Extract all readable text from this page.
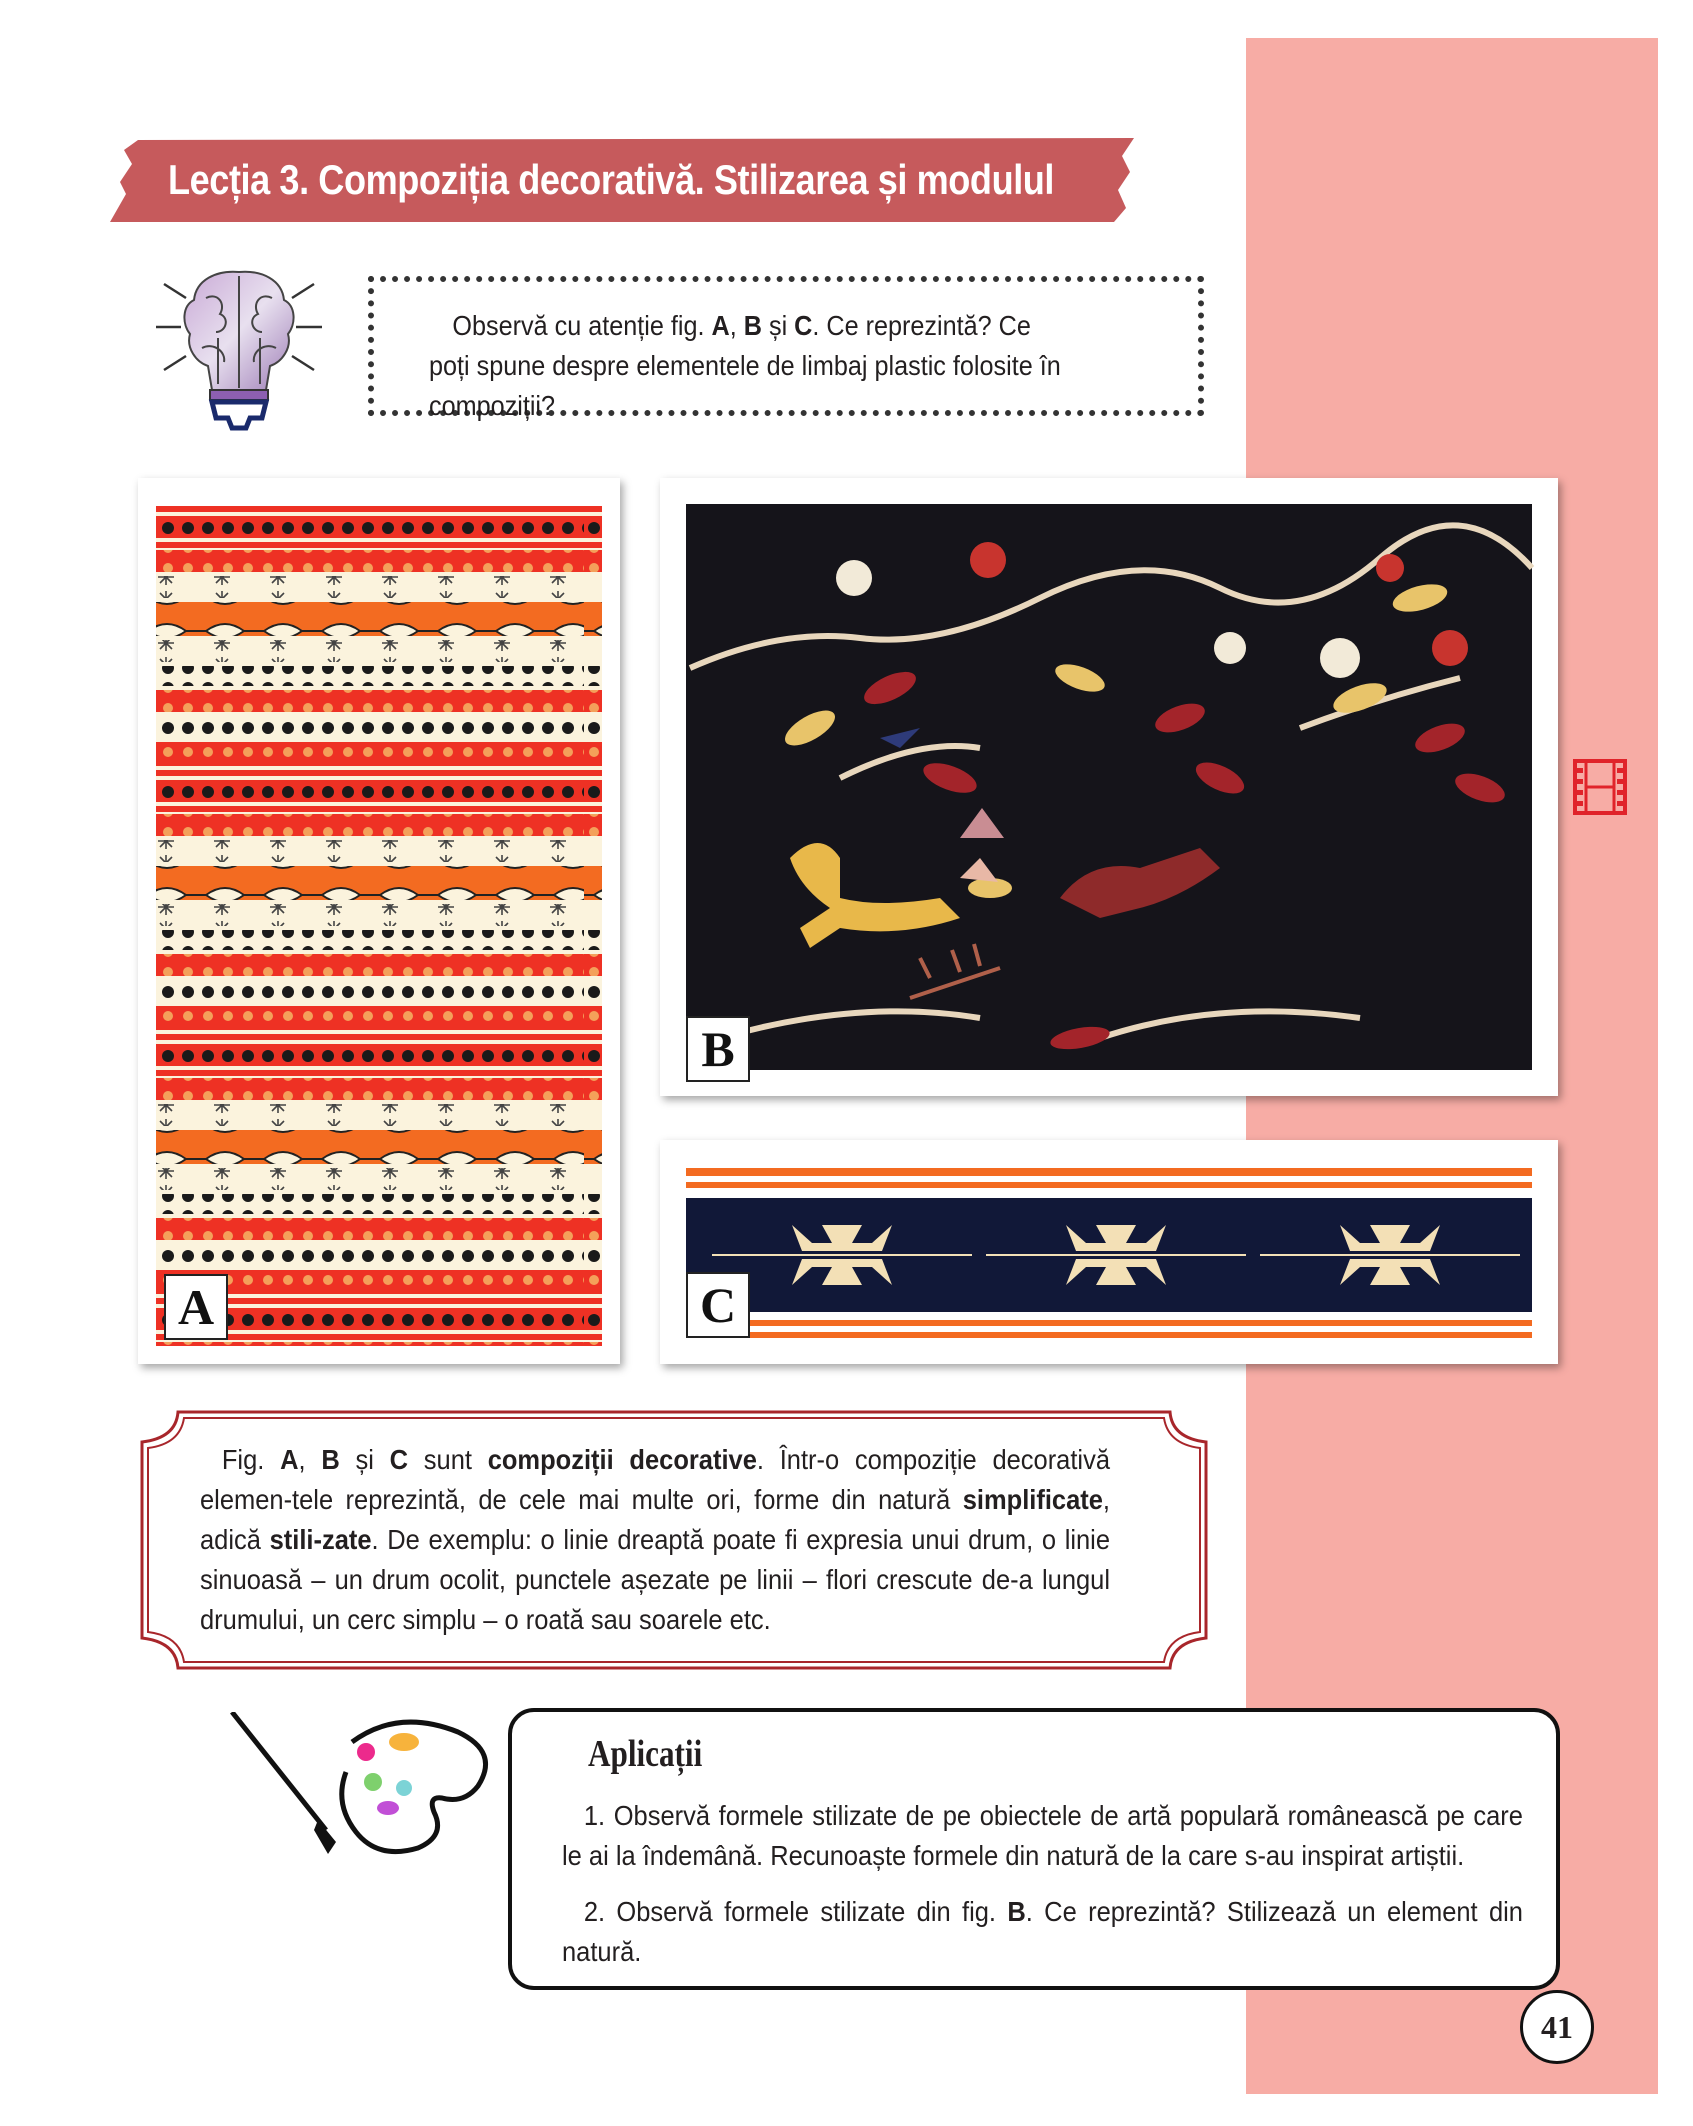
Lecția 3. Compoziția decorativă. Stilizarea și modulul
Observă cu atenție fig. A, B și C. Ce reprezintă? Ce poți spune despre elementele de limbaj plastic folosite în compoziții?
A
B
C
Fig. A, B și C sunt compoziții decorative. Într-o compoziție decorativă elemen-tele reprezintă, de cele mai multe ori, forme din natură simplificate, adică stili-zate. De exemplu: o linie dreaptă poate fi expresia unui drum, o linie sinuoasă – un drum ocolit, punctele așezate pe linii – flori crescute de-a lungul drumului, un cerc simplu – o roată sau soarele etc.
Aplicații
1. Observă formele stilizate de pe obiectele de artă populară românească pe care le ai la îndemână. Recunoaște formele din natură de la care s-au inspirat artiștii.
2. Observă formele stilizate din fig. B. Ce reprezintă? Stilizează un element din natură.
41
